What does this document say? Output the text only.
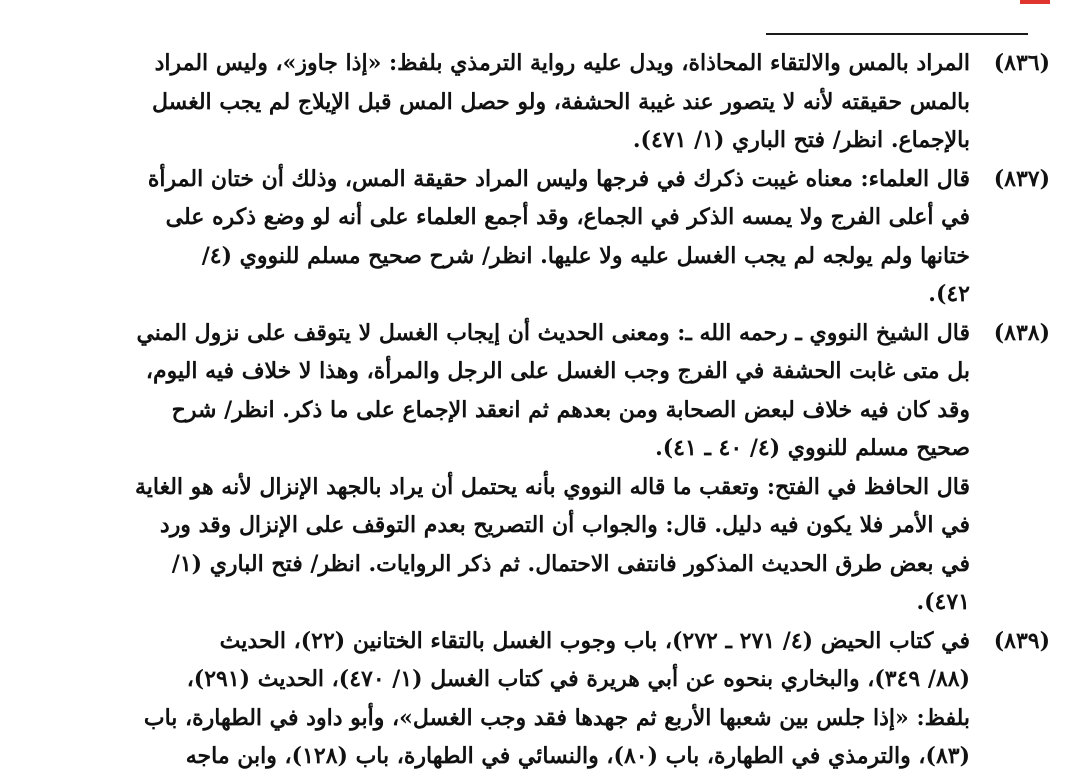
(٨٣٦)
المراد بالمس والالتقاء المحاذاة، ويدل عليه رواية الترمذي بلفظ: «إذا جاوز»، وليس المراد
بالمس حقيقته لأنه لا يتصور عند غيبة الحشفة، ولو حصل المس قبل الإيلاج لم يجب الغسل
بالإجماع. انظر/ فتح الباري (١/ ٤٧١).
(٨٣٧)
قال العلماء: معناه غيبت ذكرك في فرجها وليس المراد حقيقة المس، وذلك أن ختان المرأة
في أعلى الفرج ولا يمسه الذكر في الجماع، وقد أجمع العلماء على أنه لو وضع ذكره على
ختانها ولم يولجه لم يجب الغسل عليه ولا عليها. انظر/ شرح صحيح مسلم للنووي (٤/
٤٢).
(٨٣٨)
قال الشيخ النووي ـ رحمه الله ـ: ومعنى الحديث أن إيجاب الغسل لا يتوقف على نزول المني
بل متى غابت الحشفة في الفرج وجب الغسل على الرجل والمرأة، وهذا لا خلاف فيه اليوم،
وقد كان فيه خلاف لبعض الصحابة ومن بعدهم ثم انعقد الإجماع على ما ذكر. انظر/ شرح
صحيح مسلم للنووي (٤/ ٤٠ ـ ٤١).
قال الحافظ في الفتح: وتعقب ما قاله النووي بأنه يحتمل أن يراد بالجهد الإنزال لأنه هو الغاية
في الأمر فلا يكون فيه دليل. قال: والجواب أن التصريح بعدم التوقف على الإنزال وقد ورد
في بعض طرق الحديث المذكور فانتفى الاحتمال. ثم ذكر الروايات. انظر/ فتح الباري (١/
٤٧١).
(٨٣٩)
في كتاب الحيض (٤/ ٢٧١ ـ ٢٧٢)، باب وجوب الغسل بالتقاء الختانين (٢٢)، الحديث
(٨٨/ ٣٤٩)، والبخاري بنحوه عن أبي هريرة في كتاب الغسل (١/ ٤٧٠)، الحديث (٢٩١)،
بلفظ: «إذا جلس بين شعبها الأربع ثم جهدها فقد وجب الغسل»، وأبو داود في الطهارة، باب
(٨٣)، والترمذي في الطهارة، باب (٨٠)، والنسائي في الطهارة، باب (١٢٨)، وابن ماجه
